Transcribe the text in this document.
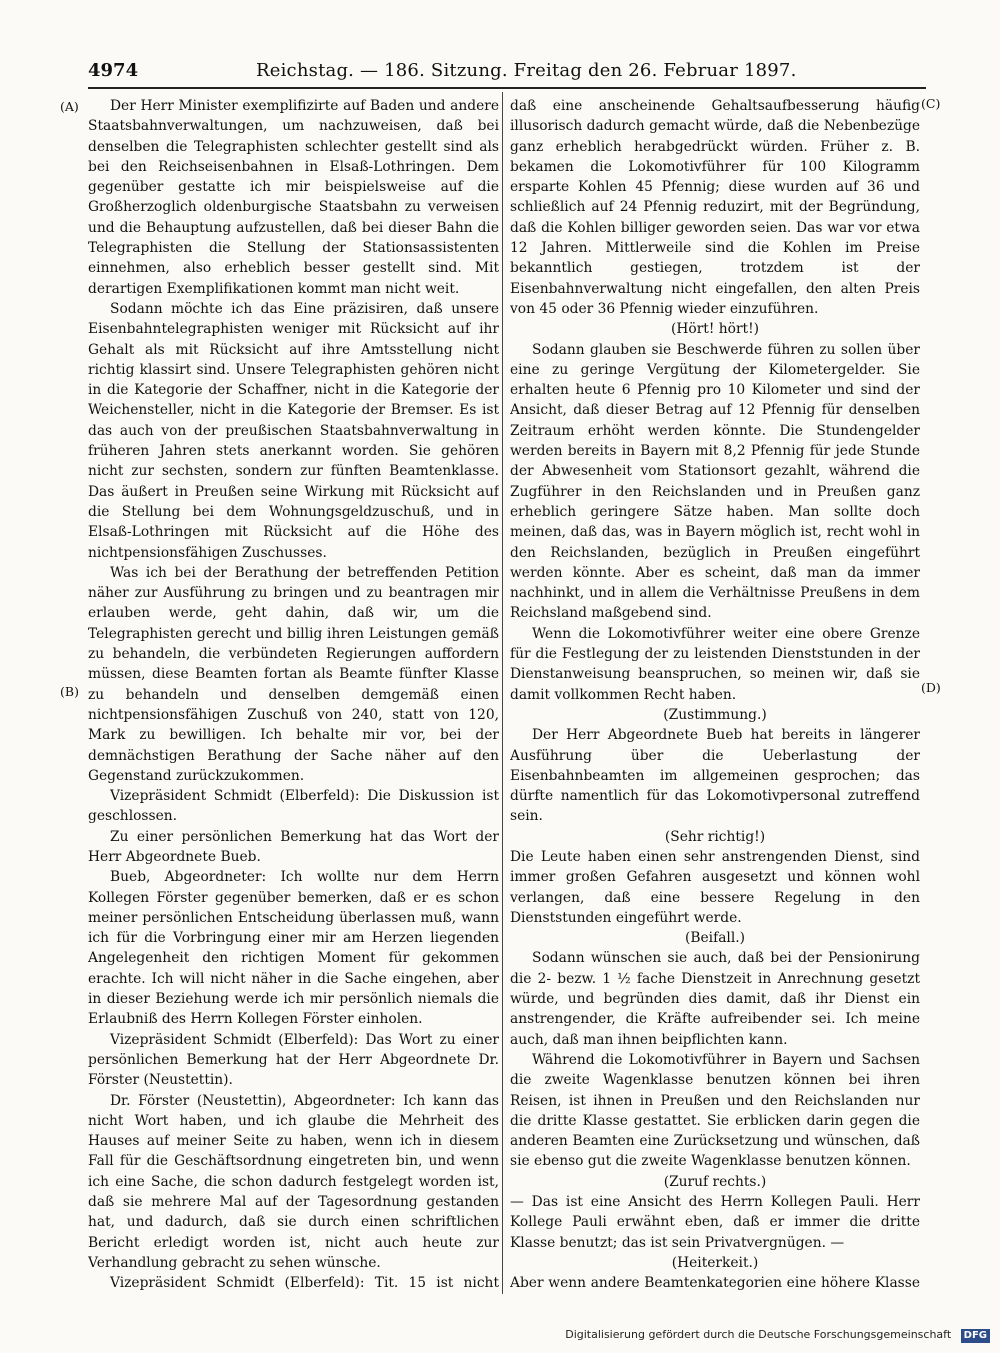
4974	Reichstag. — 186. Sitzung. Freitag den 26. Februar 1897.
(A)
(B)
(C)
(D)

Der Herr Minister exemplifizirte auf Baden und andere Staatsbahnverwaltungen, um nachzuweisen, daß bei denselben die Telegraphisten schlechter gestellt sind als bei den Reichseisenbahnen in Elsaß-Lothringen. Dem gegenüber gestatte ich mir beispielsweise auf die Großherzoglich oldenburgische Staatsbahn zu verweisen und die Behauptung aufzustellen, daß bei dieser Bahn die Telegraphisten die Stellung der Stationsassistenten einnehmen, also erheblich besser gestellt sind. Mit derartigen Exemplifikationen kommt man nicht weit.

Sodann möchte ich das Eine präzisiren, daß unsere Eisenbahntelegraphisten weniger mit Rücksicht auf ihr Gehalt als mit Rücksicht auf ihre Amtsstellung nicht richtig klassirt sind. Unsere Telegraphisten gehören nicht in die Kategorie der Schaffner, nicht in die Kategorie der Weichensteller, nicht in die Kategorie der Bremser. Es ist das auch von der preußischen Staatsbahnverwaltung in früheren Jahren stets anerkannt worden. Sie gehören nicht zur sechsten, sondern zur fünften Beamtenklasse. Das äußert in Preußen seine Wirkung mit Rücksicht auf die Stellung bei dem Wohnungsgeldzuschuß, und in Elsaß-Lothringen mit Rücksicht auf die Höhe des nichtpensionsfähigen Zuschusses.

Was ich bei der Berathung der betreffenden Petition näher zur Ausführung zu bringen und zu beantragen mir erlauben werde, geht dahin, daß wir, um die Telegraphisten gerecht und billig ihren Leistungen gemäß zu behandeln, die verbündeten Regierungen auffordern müssen, diese Beamten fortan als Beamte fünfter Klasse zu behandeln und denselben demgemäß einen nichtpensionsfähigen Zuschuß von 240, statt von 120, Mark zu bewilligen. Ich behalte mir vor, bei der demnächstigen Berathung der Sache näher auf den Gegenstand zurückzukommen.

Vizepräsident Schmidt (Elberfeld): Die Diskussion ist geschlossen.

Zu einer persönlichen Bemerkung hat das Wort der Herr Abgeordnete Bueb.

Bueb, Abgeordneter: Ich wollte nur dem Herrn Kollegen Förster gegenüber bemerken, daß er es schon meiner persönlichen Entscheidung überlassen muß, wann ich für die Vorbringung einer mir am Herzen liegenden Angelegenheit den richtigen Moment für gekommen erachte. Ich will nicht näher in die Sache eingehen, aber in dieser Beziehung werde ich mir persönlich niemals die Erlaubniß des Herrn Kollegen Förster einholen.

Vizepräsident Schmidt (Elberfeld): Das Wort zu einer persönlichen Bemerkung hat der Herr Abgeordnete Dr. Förster (Neustettin).

Dr. Förster (Neustettin), Abgeordneter: Ich kann das nicht Wort haben, und ich glaube die Mehrheit des Hauses auf meiner Seite zu haben, wenn ich in diesem Fall für die Geschäftsordnung eingetreten bin, und wenn ich eine Sache, die schon dadurch festgelegt worden ist, daß sie mehrere Mal auf der Tagesordnung gestanden hat, und dadurch, daß sie durch einen schriftlichen Bericht erledigt worden ist, nicht auch heute zur Verhandlung gebracht zu sehen wünsche.

Vizepräsident Schmidt (Elberfeld): Tit. 15 ist nicht

daß eine anscheinende Gehaltsaufbesserung häufig illusorisch dadurch gemacht würde, daß die Nebenbezüge ganz erheblich herabgedrückt würden. Früher z. B. bekamen die Lokomotivführer für 100 Kilogramm ersparte Kohlen 45 Pfennig; diese wurden auf 36 und schließlich auf 24 Pfennig reduzirt, mit der Begründung, daß die Kohlen billiger geworden seien. Das war vor etwa 12 Jahren. Mittlerweile sind die Kohlen im Preise bekanntlich gestiegen, trotzdem ist der Eisenbahnverwaltung nicht eingefallen, den alten Preis von 45 oder 36 Pfennig wieder einzuführen.

(Hört! hört!)

Sodann glauben sie Beschwerde führen zu sollen über eine zu geringe Vergütung der Kilometergelder. Sie erhalten heute 6 Pfennig pro 10 Kilometer und sind der Ansicht, daß dieser Betrag auf 12 Pfennig für denselben Zeitraum erhöht werden könnte. Die Stundengelder werden bereits in Bayern mit 8,2 Pfennig für jede Stunde der Abwesenheit vom Stationsort gezahlt, während die Zugführer in den Reichslanden und in Preußen ganz erheblich geringere Sätze haben. Man sollte doch meinen, daß das, was in Bayern möglich ist, recht wohl in den Reichslanden, bezüglich in Preußen eingeführt werden könnte. Aber es scheint, daß man da immer nachhinkt, und in allem die Verhältnisse Preußens in dem Reichsland maßgebend sind.

Wenn die Lokomotivführer weiter eine obere Grenze für die Festlegung der zu leistenden Dienststunden in der Dienstanweisung beanspruchen, so meinen wir, daß sie damit vollkommen Recht haben.

(Zustimmung.)

Der Herr Abgeordnete Bueb hat bereits in längerer Ausführung über die Ueberlastung der Eisenbahnbeamten im allgemeinen gesprochen; das dürfte namentlich für das Lokomotivpersonal zutreffend sein.

(Sehr richtig!)

Die Leute haben einen sehr anstrengenden Dienst, sind immer großen Gefahren ausgesetzt und können wohl verlangen, daß eine bessere Regelung in den Dienststunden eingeführt werde.

(Beifall.)

Sodann wünschen sie auch, daß bei der Pensionirung die 2- bezw. 1 ½ fache Dienstzeit in Anrechnung gesetzt würde, und begründen dies damit, daß ihr Dienst ein anstrengender, die Kräfte aufreibender sei. Ich meine auch, daß man ihnen beipflichten kann.

Während die Lokomotivführer in Bayern und Sachsen die zweite Wagenklasse benutzen können bei ihren Reisen, ist ihnen in Preußen und den Reichslanden nur die dritte Klasse gestattet. Sie erblicken darin gegen die anderen Beamten eine Zurücksetzung und wünschen, daß sie ebenso gut die zweite Wagenklasse benutzen können.

(Zuruf rechts.)

— Das ist eine Ansicht des Herrn Kollegen Pauli. Herr Kollege Pauli erwähnt eben, daß er immer die dritte Klasse benutzt; das ist sein Privatvergnügen. —

(Heiterkeit.)

Aber wenn andere Beamtenkategorien eine höhere Klasse

Digitalisierung gefördert durch die Deutsche Forschungsgemeinschaft DFG
